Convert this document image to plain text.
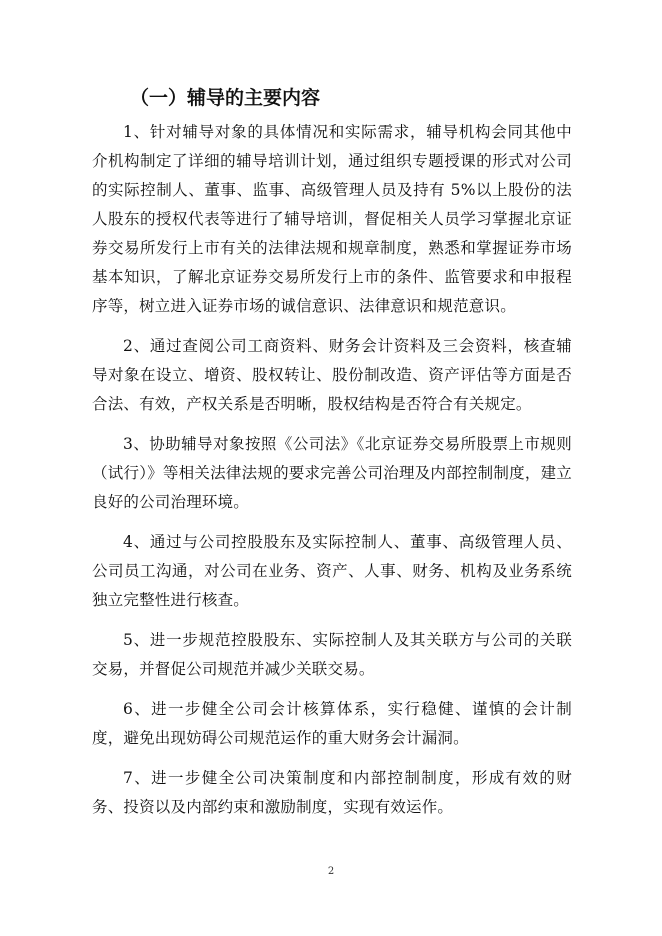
（一）辅导的主要内容

1、针对辅导对象的具体情况和实际需求，辅导机构会同其他中介机构制定了详细的辅导培训计划，通过组织专题授课的形式对公司的实际控制人、董事、监事、高级管理人员及持有 5%以上股份的法人股东的授权代表等进行了辅导培训，督促相关人员学习掌握北京证券交易所发行上市有关的法律法规和规章制度，熟悉和掌握证券市场基本知识，了解北京证券交易所发行上市的条件、监管要求和申报程序等，树立进入证券市场的诚信意识、法律意识和规范意识。

2、通过查阅公司工商资料、财务会计资料及三会资料，核查辅导对象在设立、增资、股权转让、股份制改造、资产评估等方面是否合法、有效，产权关系是否明晰，股权结构是否符合有关规定。

3、协助辅导对象按照《公司法》《北京证券交易所股票上市规则（试行）》等相关法律法规的要求完善公司治理及内部控制制度，建立良好的公司治理环境。

4、通过与公司控股股东及实际控制人、董事、高级管理人员、公司员工沟通，对公司在业务、资产、人事、财务、机构及业务系统独立完整性进行核查。

5、进一步规范控股股东、实际控制人及其关联方与公司的关联交易，并督促公司规范并减少关联交易。

6、进一步健全公司会计核算体系，实行稳健、谨慎的会计制度，避免出现妨碍公司规范运作的重大财务会计漏洞。

7、进一步健全公司决策制度和内部控制制度，形成有效的财务、投资以及内部约束和激励制度，实现有效运作。

2
